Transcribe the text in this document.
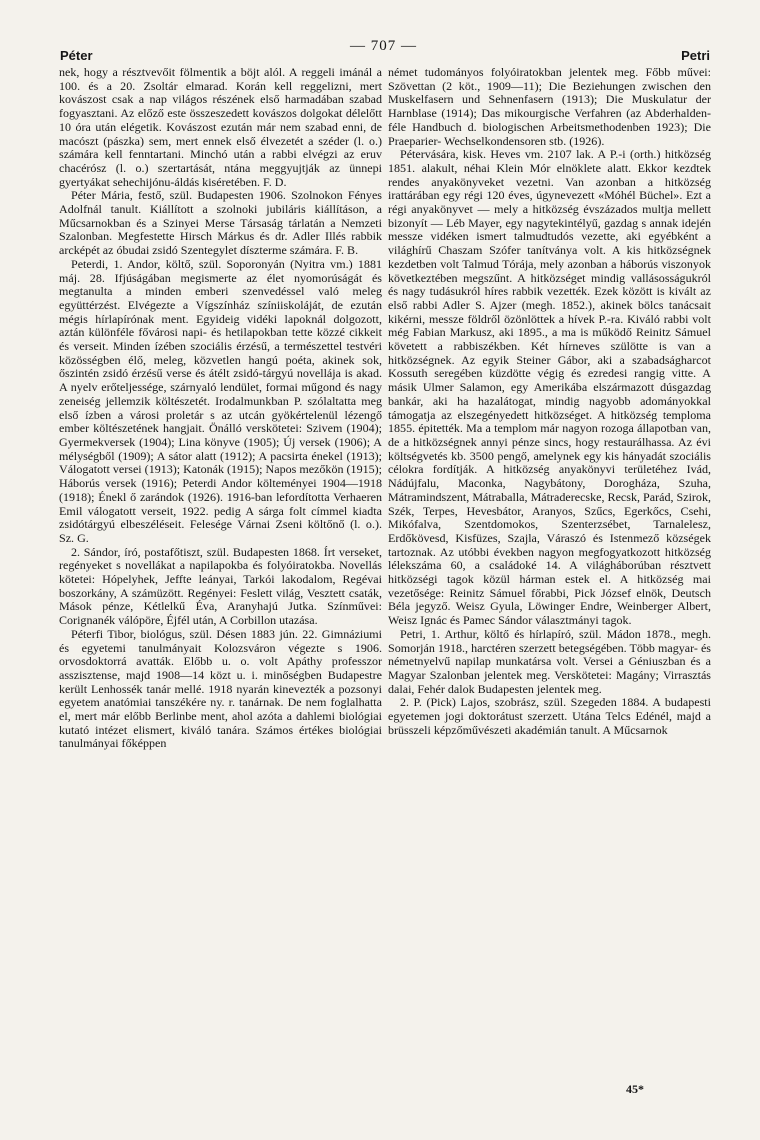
Péter
— 707 —
Petri

nek, hogy a résztvevőit fölmentik a böjt alól. A reggeli imánál a 100. és a 20. Zsoltár elmarad. Korán kell reggelizni, mert kovászost csak a nap világos részének első harmadában szabad fogyasztani. Az előző este összeszedett kovászos dolgokat délelőtt 10 óra után elégetik. Kovászost ezután már nem szabad enni, de macószt (pászka) sem, mert ennek első élvezetét a széder (l. o.) számára kell fenntartani. Minchó után a rabbi elvégzi az eruv chacérósz (l. o.) szertartását, ntána meggyujtják az ünnepi gyertyákat sehechijónu-áldás kiséretében. F. D.

Péter Mária, festő, szül. Budapesten 1906. Szolnokon Fényes Adolfnál tanult. Kiállított a szolnoki jubiláris kiállításon, a Műcsarnokban és a Szinyei Merse Társaság tárlatán a Nemzeti Szalonban. Megfestette Hirsch Márkus és dr. Adler Illés rabbik arcképét az óbudai zsidó Szentegylet díszterme számára. F. B.

Peterdi, 1. Andor, költő, szül. Soporonyán (Nyitra vm.) 1881 máj. 28. Ifjúságában megismerte az élet nyomorúságát és megtanulta a minden emberi szenvedéssel való meleg együttérzést. Elvégezte a Vígszínház színiiskoláját, de ezután mégis hírlapírónak ment. Egyideig vidéki lapoknál dolgozott, aztán különféle fővárosi napi- és hetilapokban tette közzé cikkeit és verseit. Minden ízében szociális érzésű, a természettel testvéri közösségben élő, meleg, közvetlen hangú poéta, akinek sok, őszintén zsidó érzésű verse és átélt zsidó-tárgyú novellája is akad. A nyelv erőteljessége, szárnyaló lendület, formai műgond és nagy zeneiség jellemzik költészetét. Irodalmunkban P. szólaltatta meg első ízben a városi proletár s az utcán gyökértelenül lézengő ember költészetének hangjait. Önálló verskötetei: Szivem (1904); Gyermekversek (1904); Lina könyve (1905); Új versek (1906); A mélységből (1909); A sátor alatt (1912); A pacsirta énekel (1913); Válogatott versei (1913); Katonák (1915); Napos mezőkön (1915); Háborús versek (1916); Peterdi Andor költeményei 1904—1918 (1918); Énekl ő zarándok (1926). 1916-ban lefordította Verhaeren Emil válogatott verseit, 1922. pedig A sárga folt címmel kiadta zsidótárgyú elbeszéléseit. Felesége Várnai Zseni költőnő (l. o.). Sz. G.

2. Sándor, író, postafőtiszt, szül. Budapesten 1868. Írt verseket, regényeket s novellákat a napilapokba és folyóiratokba. Novellás kötetei: Hópelyhek, Jeffte leányai, Tarkói lakodalom, Regévai boszorkány, A számüzött. Regényei: Feslett világ, Vesztett csaták, Mások pénze, Kétlelkű Éva, Aranyhajú Jutka. Színművei: Corignanék válópöre, Éjfél után, A Corbillon utazása.

Péterfi Tibor, biológus, szül. Désen 1883 jún. 22. Gimnáziumi és egyetemi tanulmányait Kolozsváron végezte s 1906. orvosdoktorrá avatták. Előbb u. o. volt Apáthy professzor asszisztense, majd 1908—14 közt u. i. minőségben Budapestre került Lenhossék tanár mellé. 1918 nyarán kinevezték a pozsonyi egyetem anatómiai tanszékére ny. r. tanárnak. De nem foglalhatta el, mert már előbb Berlinbe ment, ahol azóta a dahlemi biológiai kutató intézet elismert, kiváló tanára. Számos értékes biológiai tanulmányai főképpen

német tudományos folyóiratokban jelentek meg. Főbb művei: Szövettan (2 köt., 1909—11); Die Beziehungen zwischen den Muskelfasern und Sehnenfasern (1913); Die Muskulatur der Harnblase (1914); Das mikourgische Verfahren (az Abderhalden-féle Handbuch d. biologischen Arbeitsmethodenben 1923); Die Praeparier- Wechselkondensoren stb. (1926).

Pétervására, kisk. Heves vm. 2107 lak. A P.-i (orth.) hitközség 1851. alakult, néhai Klein Mór elnöklete alatt. Ekkor kezdtek rendes anyakönyveket vezetni. Van azonban a hitközség irattárában egy régi 120 éves, úgynevezett «Móhél Büchel». Ezt a régi anyakönyvet — mely a hitközség évszázados multja mellett bizonyít — Léb Mayer, egy nagytekintélyű, gazdag s annak idején messze vidéken ismert talmudtudós vezette, aki egyébként a világhírű Chaszam Szófer tanítványa volt. A kis hitközségnek kezdetben volt Talmud Tórája, mely azonban a háborús viszonyok következtében megszűnt. A hitközséget mindig vallásosságukról és nagy tudásukról híres rabbik vezették. Ezek között is kivált az első rabbi Adler S. Ajzer (megh. 1852.), akinek bölcs tanácsait kikérni, messze földről özönlöttek a hívek P.-ra. Kiváló rabbi volt még Fabian Markusz, aki 1895., a ma is működő Reinitz Sámuel követett a rabbiszékben. Két hírneves szülötte is van a hitközségnek. Az egyik Steiner Gábor, aki a szabadságharcot Kossuth seregében küzdötte végig és ezredesi rangig vitte. A másik Ulmer Salamon, egy Amerikába elszármazott dúsgazdag bankár, aki ha hazalátogat, mindig nagyobb adományokkal támogatja az elszegényedett hitközséget. A hitközség temploma 1855. épitették. Ma a templom már nagyon rozoga állapotban van, de a hitközségnek annyi pénze sincs, hogy restaurálhassa. Az évi költségvetés kb. 3500 pengő, amelynek egy kis hányadát szociális célokra fordítják. A hitközség anyakönyvi területéhez Ivád, Nádújfalu, Maconka, Nagybátony, Dorogháza, Szuha, Mátramindszent, Mátraballa, Mátraderecske, Recsk, Parád, Szirok, Szék, Terpes, Hevesbátor, Aranyos, Szűcs, Egerkőcs, Csehi, Mikófalva, Szentdomokos, Szenterzsébet, Tarnalelesz, Erdőkövesd, Kisfüzes, Szajla, Váraszó és Istenmező községek tartoznak. Az utóbbi években nagyon megfogyatkozott hitközség lélekszáma 60, a családoké 14. A világháborúban résztvett hitközségi tagok közül hárman estek el. A hitközség mai vezetősége: Reinitz Sámuel főrabbi, Pick József elnök, Deutsch Béla jegyző. Weisz Gyula, Löwinger Endre, Weinberger Albert, Weisz Ignác és Pamec Sándor választmányi tagok.

Petri, 1. Arthur, költő és hírlapíró, szül. Mádon 1878., megh. Somorján 1918., harctéren szerzett betegségében. Több magyar- és németnyelvű napilap munkatársa volt. Versei a Géniuszban és a Magyar Szalonban jelentek meg. Verskötetei: Magány; Virrasztás dalai, Fehér dalok Budapesten jelentek meg.

2. P. (Pick) Lajos, szobrász, szül. Szegeden 1884. A budapesti egyetemen jogi doktorátust szerzett. Utána Telcs Edénél, majd a brüsszeli képzőművészeti akadémián tanult. A Műcsarnok

45*
